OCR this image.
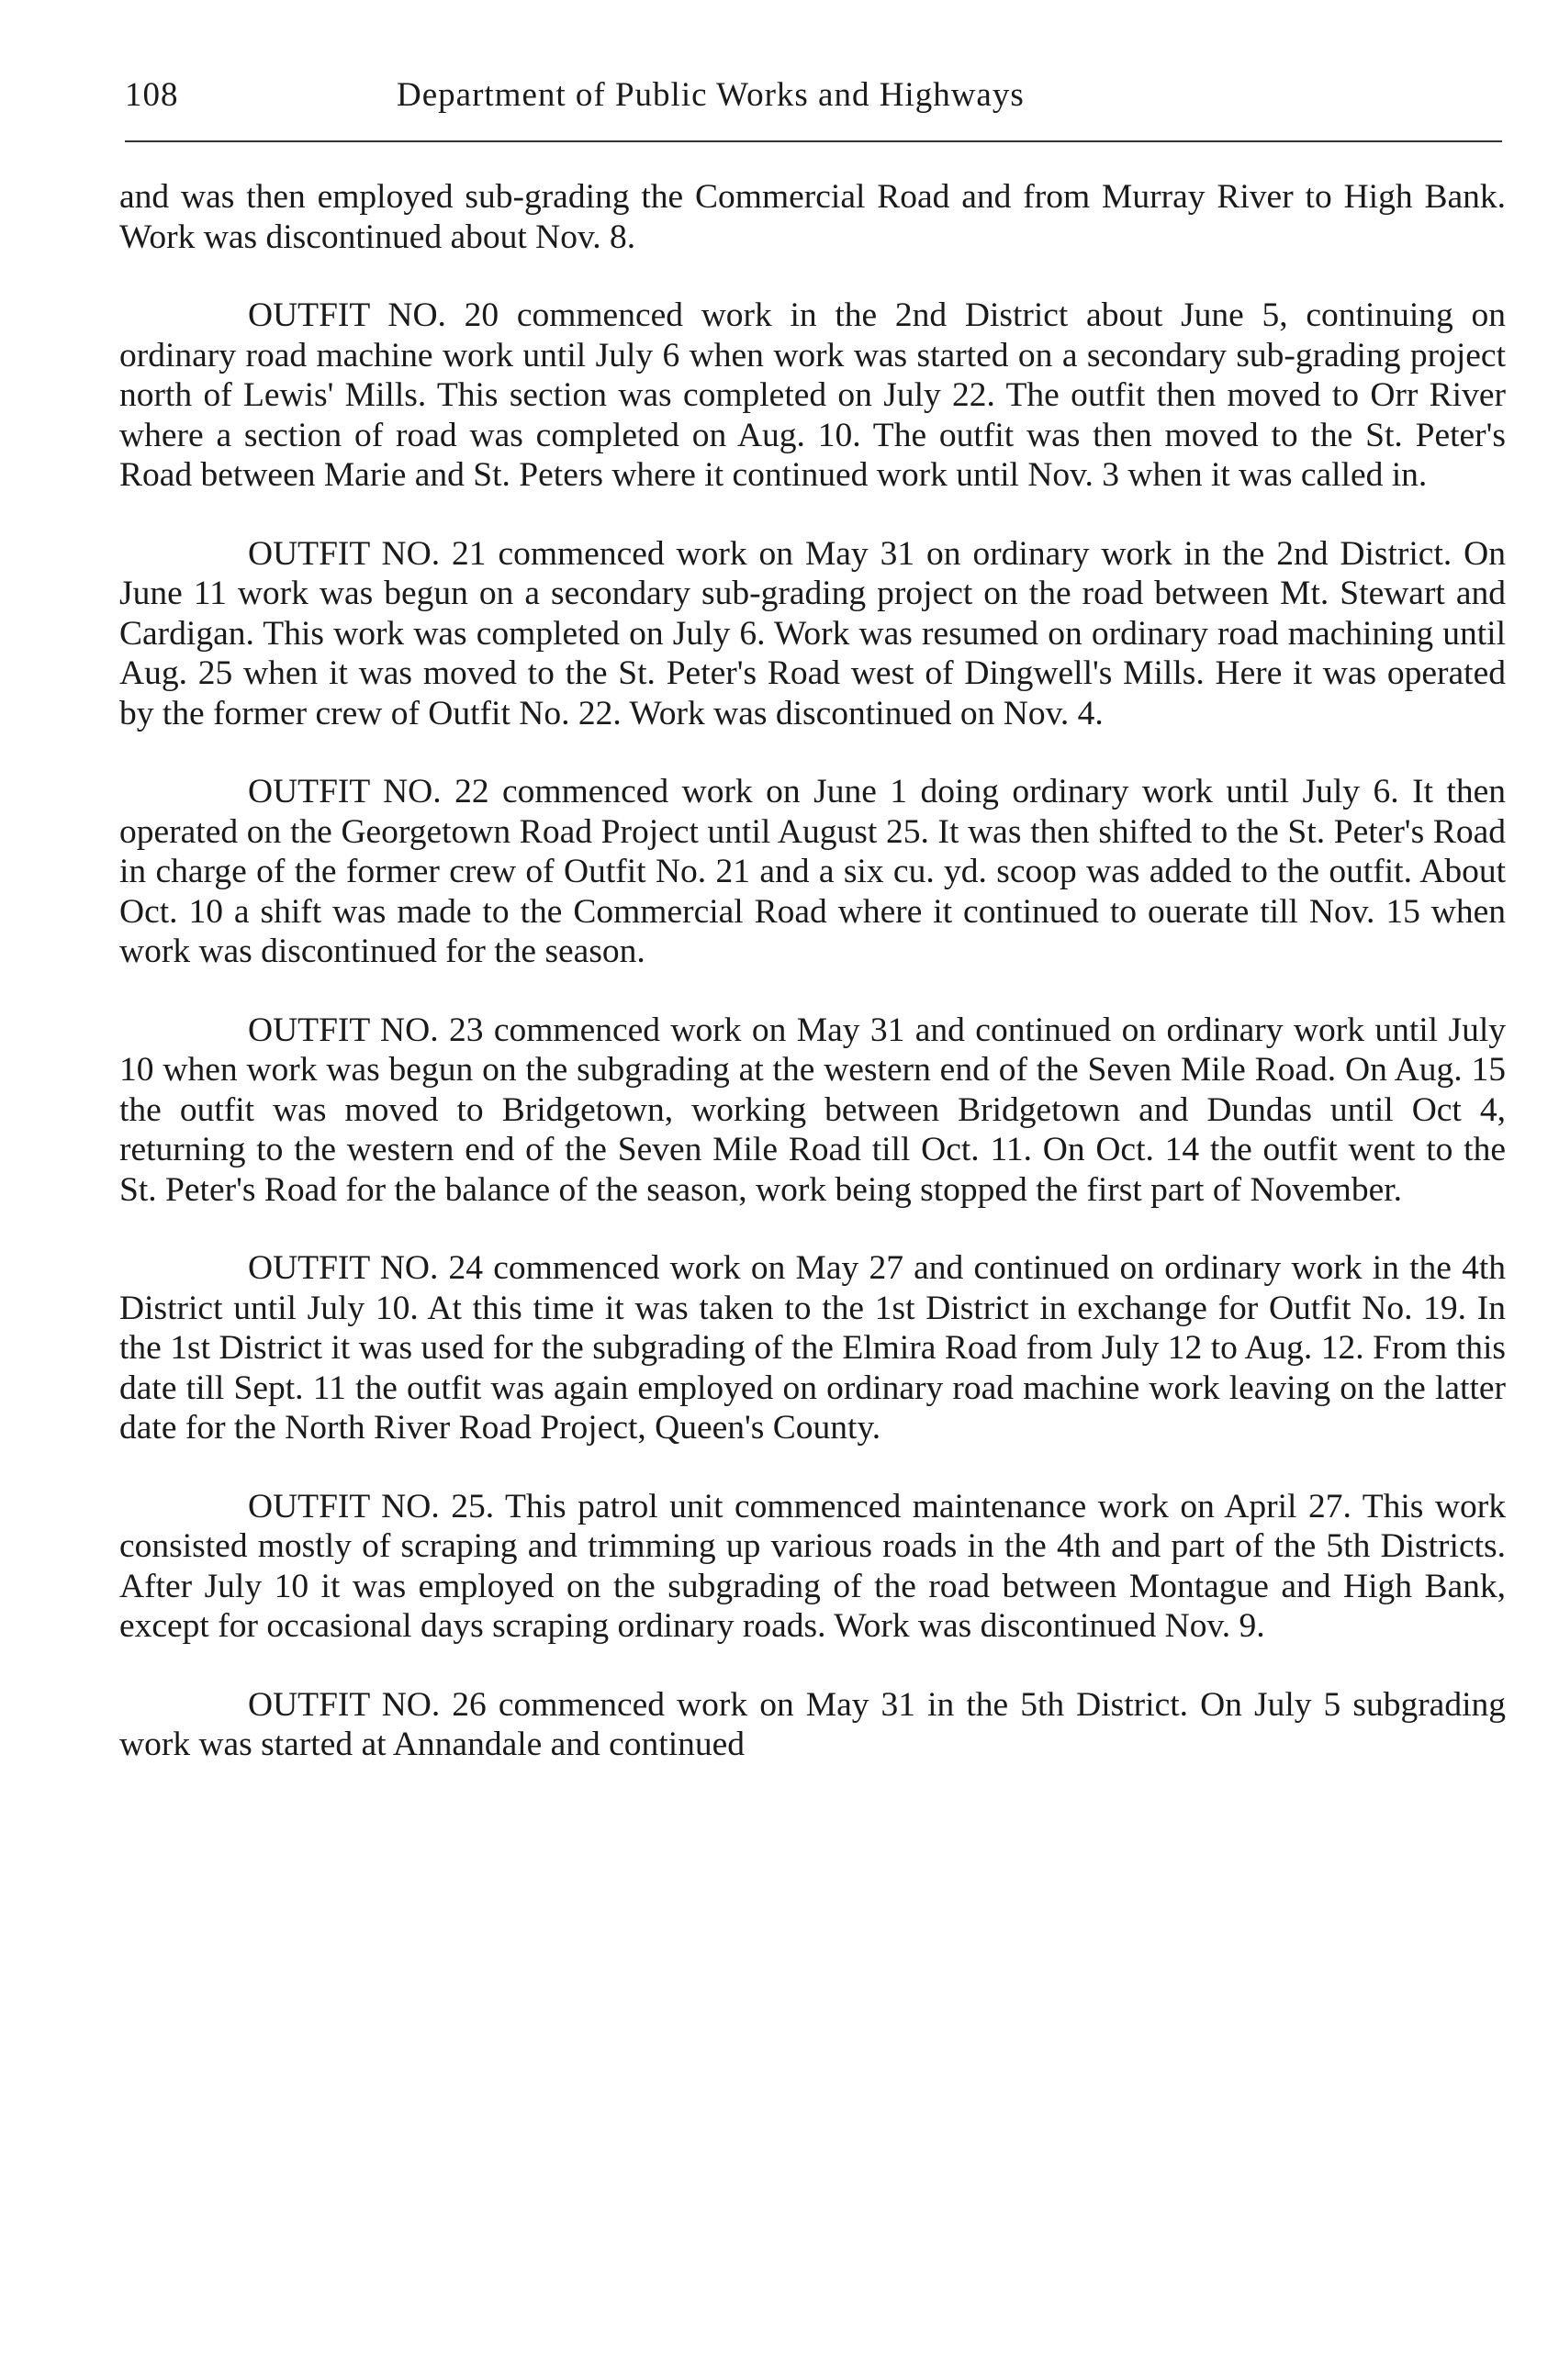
108	Department of Public Works and Highways

and was then employed sub-grading the Commercial Road and from Murray River to High Bank. Work was discontinued about Nov. 8.

OUTFIT NO. 20 commenced work in the 2nd District about June 5, continuing on ordinary road machine work until July 6 when work was started on a secondary sub-grading project north of Lewis' Mills. This section was completed on July 22. The outfit then moved to Orr River where a section of road was completed on Aug. 10. The outfit was then moved to the St. Peter's Road between Marie and St. Peters where it continued work until Nov. 3 when it was called in.

OUTFIT NO. 21 commenced work on May 31 on ordinary work in the 2nd District. On June 11 work was begun on a secondary sub-grading project on the road between Mt. Stewart and Cardigan. This work was completed on July 6. Work was resumed on ordinary road machining until Aug. 25 when it was moved to the St. Peter's Road west of Dingwell's Mills. Here it was operated by the former crew of Outfit No. 22. Work was discontinued on Nov. 4.

OUTFIT NO. 22 commenced work on June 1 doing ordinary work until July 6. It then operated on the Georgetown Road Project until August 25. It was then shifted to the St. Peter's Road in charge of the former crew of Outfit No. 21 and a six cu. yd. scoop was added to the outfit. About Oct. 10 a shift was made to the Commercial Road where it continued to ouerate till Nov. 15 when work was discontinued for the season.

OUTFIT NO. 23 commenced work on May 31 and continued on ordinary work until July 10 when work was begun on the subgrading at the western end of the Seven Mile Road. On Aug. 15 the outfit was moved to Bridgetown, working between Bridgetown and Dundas until Oct 4, returning to the western end of the Seven Mile Road till Oct. 11. On Oct. 14 the outfit went to the St. Peter's Road for the balance of the season, work being stopped the first part of November.

OUTFIT NO. 24 commenced work on May 27 and continued on ordinary work in the 4th District until July 10. At this time it was taken to the 1st District in exchange for Outfit No. 19. In the 1st District it was used for the subgrading of the Elmira Road from July 12 to Aug. 12. From this date till Sept. 11 the outfit was again employed on ordinary road machine work leaving on the latter date for the North River Road Project, Queen's County.

OUTFIT NO. 25. This patrol unit commenced maintenance work on April 27. This work consisted mostly of scraping and trimming up various roads in the 4th and part of the 5th Districts. After July 10 it was employed on the subgrading of the road between Montague and High Bank, except for occasional days scraping ordinary roads. Work was discontinued Nov. 9.

OUTFIT NO. 26 commenced work on May 31 in the 5th District. On July 5 subgrading work was started at Annandale and continued
